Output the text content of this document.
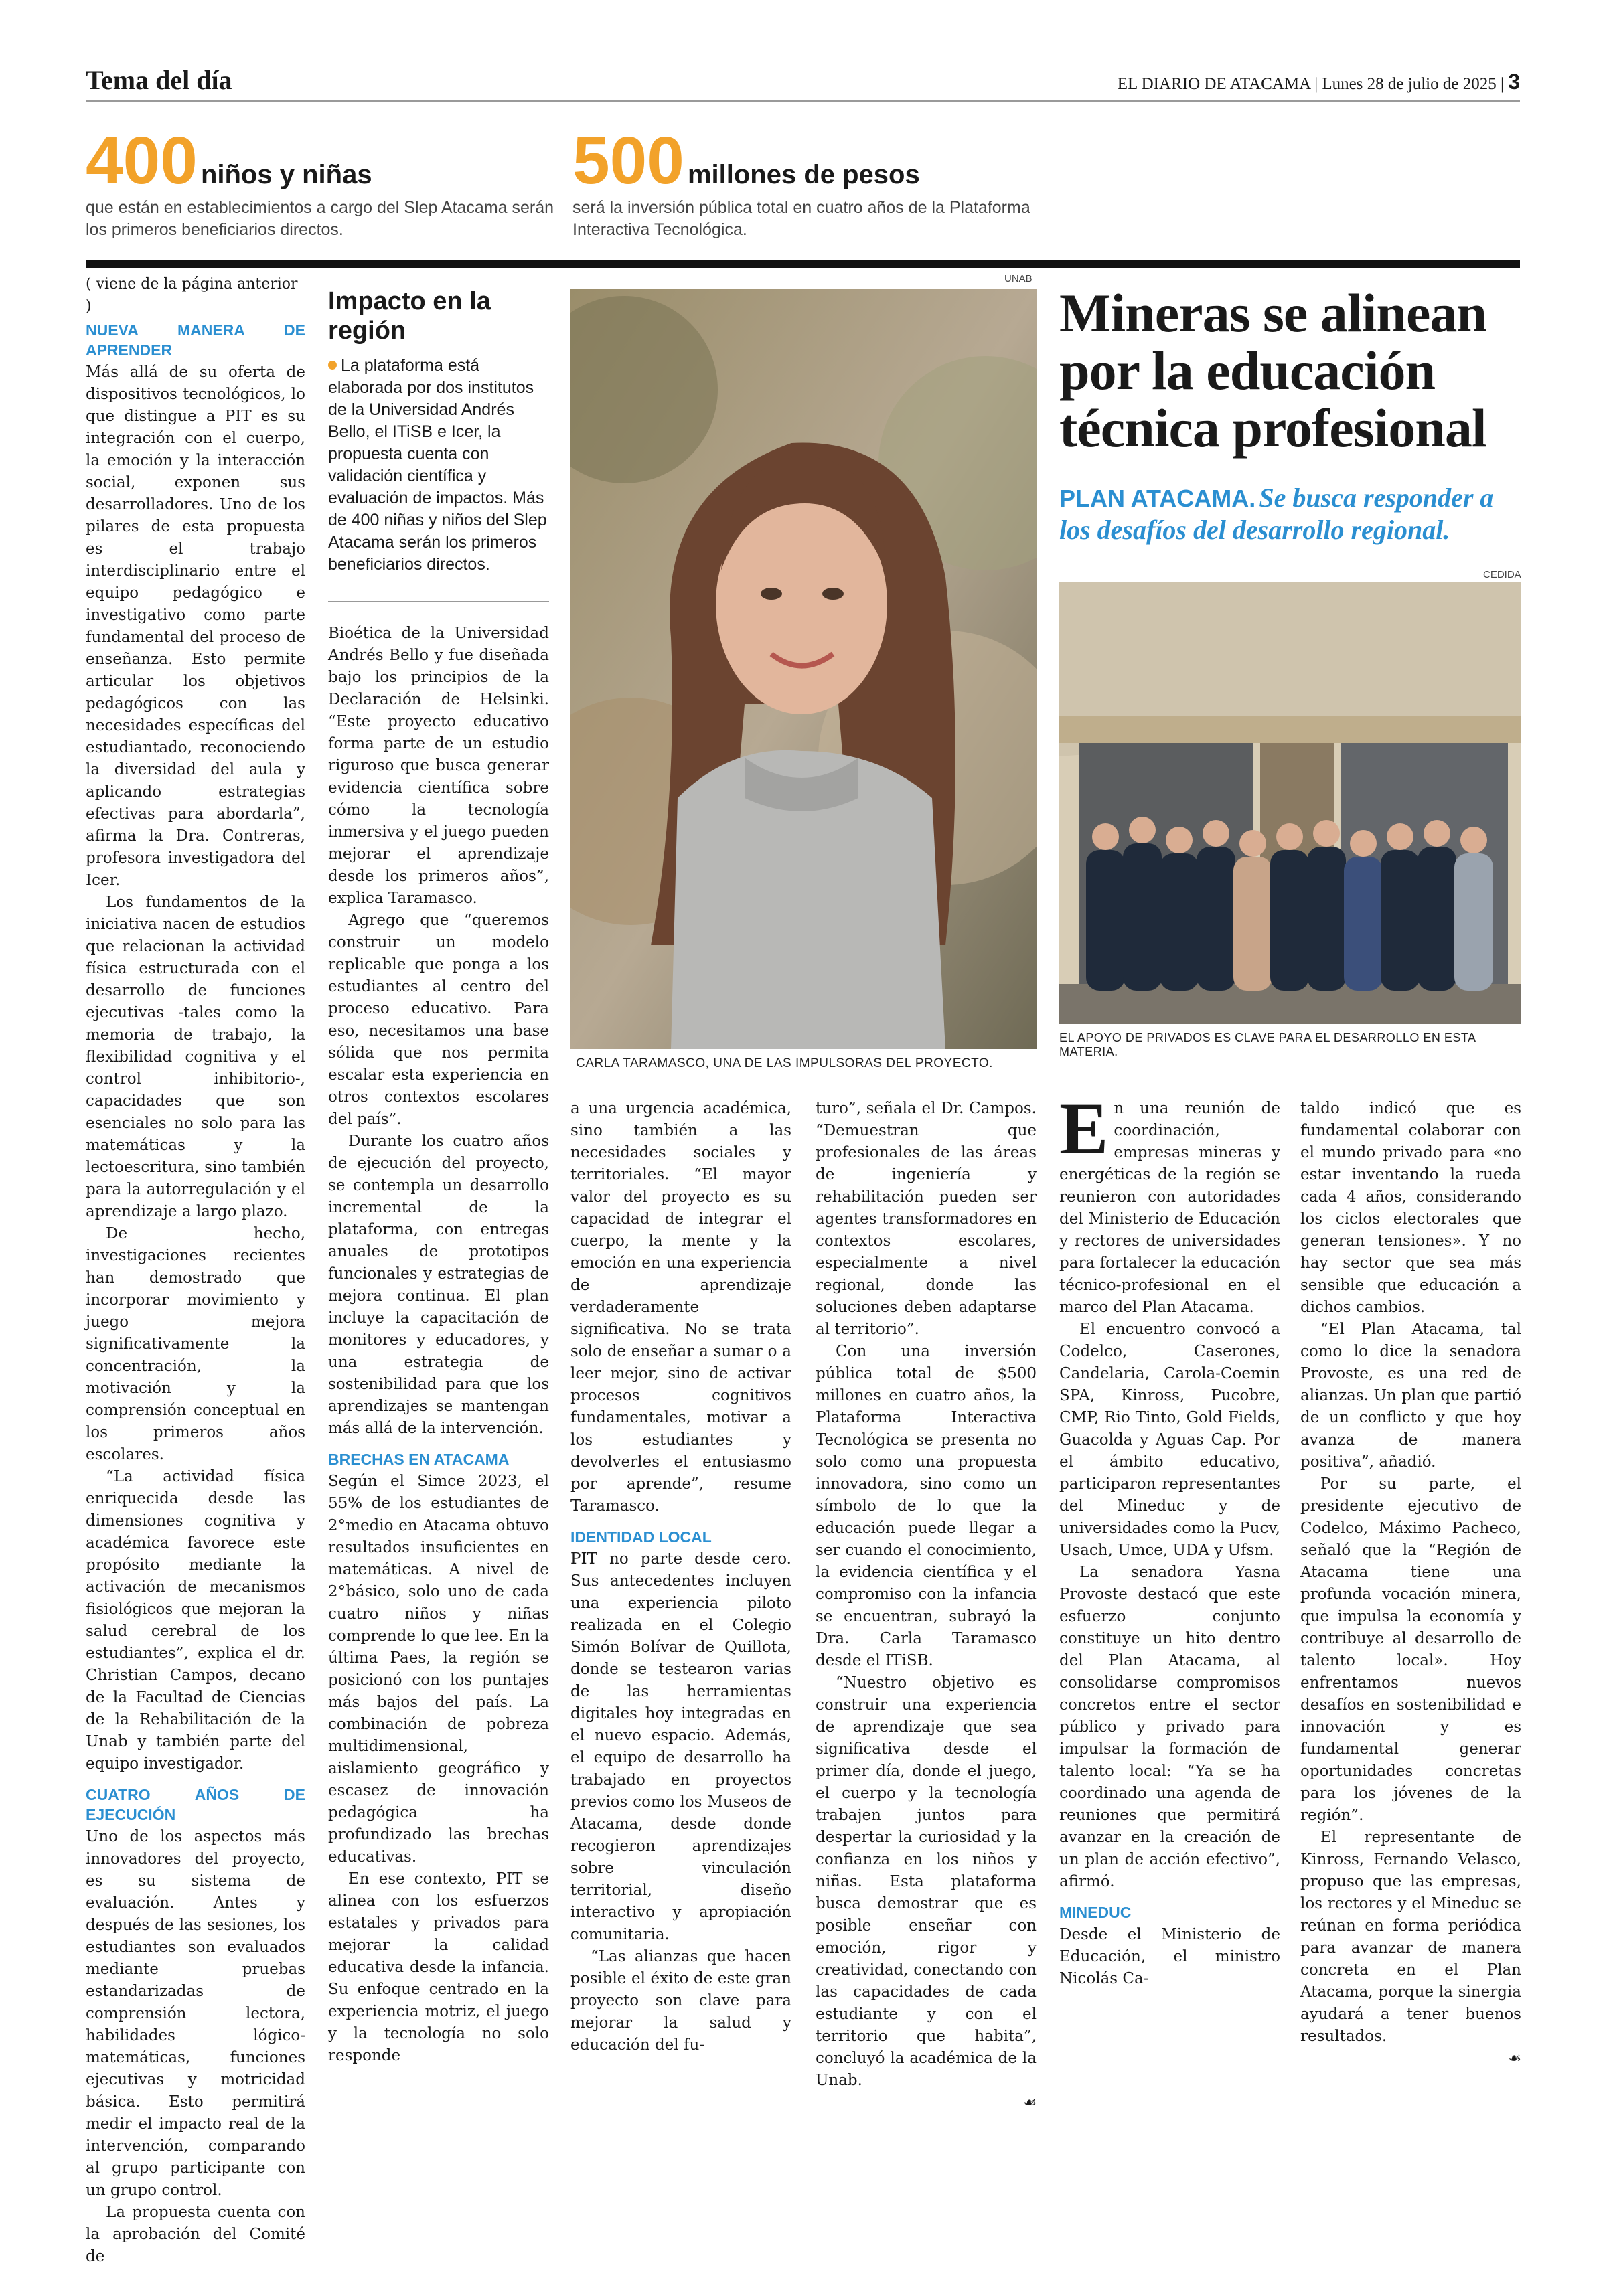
Tema del día	EL DIARIO DE ATACAMA | Lunes 28 de julio de 2025 | 3
400 niños y niñas
que están en establecimientos a cargo del Slep Atacama serán los primeros beneficiarios directos.
500 millones de pesos
será la inversión pública total en cuatro años de la Plataforma Interactiva Tecnológica.
( viene de la página anterior )
NUEVA MANERA DE APRENDER

Más allá de su oferta de dispositivos tecnológicos, lo que distingue a PIT es su integración con el cuerpo, la emoción y la interacción social, exponen sus desarrolladores. Uno de los pilares de esta propuesta es el trabajo interdisciplinario entre el equipo pedagógico e investigativo como parte fundamental del proceso de enseñanza. Esto permite articular los objetivos pedagógicos con las necesidades específicas del estudiantado, reconociendo la diversidad del aula y aplicando estrategias efectivas para abordarla”, afirma la Dra. Contreras, profesora investigadora del Icer.

Los fundamentos de la iniciativa nacen de estudios que relacionan la actividad física estructurada con el desarrollo de funciones ejecutivas -tales como la memoria de trabajo, la flexibilidad cognitiva y el control inhibitorio-, capacidades que son esenciales no solo para las matemáticas y la lectoescritura, sino también para la autorregulación y el aprendizaje a largo plazo.

De hecho, investigaciones recientes han demostrado que incorporar movimiento y juego mejora significativamente la concentración, la motivación y la comprensión conceptual en los primeros años escolares.

“La actividad física enriquecida desde las dimensiones cognitiva y académica favorece este propósito mediante la activación de mecanismos fisiológicos que mejoran la salud cerebral de los estudiantes”, explica el dr. Christian Campos, decano de la Facultad de Ciencias de la Rehabilitación de la Unab y también parte del equipo investigador.

CUATRO AÑOS DE EJECUCIÓN

Uno de los aspectos más innovadores del proyecto, es su sistema de evaluación. Antes y después de las sesiones, los estudiantes son evaluados mediante pruebas estandarizadas de comprensión lectora, habilidades lógico-matemáticas, funciones ejecutivas y motricidad básica. Esto permitirá medir el impacto real de la intervención, comparando al grupo participante con un grupo control.

La propuesta cuenta con la aprobación del Comité de

Impacto en la región
La plataforma está elaborada por dos institutos de la Universidad Andrés Bello, el ITiSB e Icer, la propuesta cuenta con validación científica y evaluación de impactos. Más de 400 niñas y niños del Slep Atacama serán los primeros beneficiarios directos.

Bioética de la Universidad Andrés Bello y fue diseñada bajo los principios de la Declaración de Helsinki. “Este proyecto educativo forma parte de un estudio riguroso que busca generar evidencia científica sobre cómo la tecnología inmersiva y el juego pueden mejorar el aprendizaje desde los primeros años”, explica Taramasco.

Agrego que “queremos construir un modelo replicable que ponga a los estudiantes al centro del proceso educativo. Para eso, necesitamos una base sólida que nos permita escalar esta experiencia en otros contextos escolares del país”.

Durante los cuatro años de ejecución del proyecto, se contempla un desarrollo incremental de la plataforma, con entregas anuales de prototipos funcionales y estrategias de mejora continua. El plan incluye la capacitación de monitores y educadores, y una estrategia de sostenibilidad para que los aprendizajes se mantengan más allá de la intervención.

BRECHAS EN ATACAMA

Según el Simce 2023, el 55% de los estudiantes de 2°medio en Atacama obtuvo resultados insuficientes en matemáticas. A nivel de 2°básico, solo uno de cada cuatro niños y niñas comprende lo que lee. En la última Paes, la región se posicionó con los puntajes más bajos del país. La combinación de pobreza multidimensional, aislamiento geográfico y escasez de innovación pedagógica ha profundizado las brechas educativas.

En ese contexto, PIT se alinea con los esfuerzos estatales y privados para mejorar la calidad educativa desde la infancia. Su enfoque centrado en la experiencia motriz, el juego y la tecnología no solo responde

UNAB
CARLA TARAMASCO, UNA DE LAS IMPULSORAS DEL PROYECTO.

a una urgencia académica, sino también a las necesidades sociales y territoriales. “El mayor valor del proyecto es su capacidad de integrar el cuerpo, la mente y la emoción en una experiencia de aprendizaje verdaderamente significativa. No se trata solo de enseñar a sumar o a leer mejor, sino de activar procesos cognitivos fundamentales, motivar a los estudiantes y devolverles el entusiasmo por aprende”, resume Taramasco.

IDENTIDAD LOCAL

PIT no parte desde cero. Sus antecedentes incluyen una experiencia piloto realizada en el Colegio Simón Bolívar de Quillota, donde se testearon varias de las herramientas digitales hoy integradas en el nuevo espacio. Además, el equipo de desarrollo ha trabajado en proyectos previos como los Museos de Atacama, desde donde recogieron aprendizajes sobre vinculación territorial, diseño interactivo y apropiación comunitaria.

“Las alianzas que hacen posible el éxito de este gran proyecto son clave para mejorar la salud y educación del fu-

turo”, señala el Dr. Campos. “Demuestran que profesionales de las áreas de ingeniería y rehabilitación pueden ser agentes transformadores en contextos escolares, especialmente a nivel regional, donde las soluciones deben adaptarse al territorio”.

Con una inversión pública total de $500 millones en cuatro años, la Plataforma Interactiva Tecnológica se presenta no solo como una propuesta innovadora, sino como un símbolo de lo que la educación puede llegar a ser cuando el conocimiento, la evidencia científica y el compromiso con la infancia se encuentran, subrayó la Dra. Carla Taramasco desde el ITiSB.

“Nuestro objetivo es construir una experiencia de aprendizaje que sea significativa desde el primer día, donde el juego, el cuerpo y la tecnología trabajen juntos para despertar la curiosidad y la confianza en los niños y niñas. Esta plataforma busca demostrar que es posible enseñar con emoción, rigor y creatividad, conectando con las capacidades de cada estudiante y con el territorio que habita”, concluyó la académica de la Unab.

☙
Mineras se alinean por la educación técnica profesional
PLAN ATACAMA. Se busca responder a los desafíos del desarrollo regional.
CEDIDA
EL APOYO DE PRIVADOS ES CLAVE PARA EL DESARROLLO EN ESTA MATERIA.

En una reunión de coordinación, empresas mineras y energéticas de la región se reunieron con autoridades del Ministerio de Educación y rectores de universidades para fortalecer la educación técnico-profesional en el marco del Plan Atacama.

El encuentro convocó a Codelco, Caserones, Candelaria, Carola-Coemin SPA, Kinross, Pucobre, CMP, Rio Tinto, Gold Fields, Guacolda y Aguas Cap. Por el ámbito educativo, participaron representantes del Mineduc y de universidades como la Pucv, Usach, Umce, UDA y Ufsm.

La senadora Yasna Provoste destacó que este esfuerzo conjunto constituye un hito dentro del Plan Atacama, al consolidarse compromisos concretos entre el sector público y privado para impulsar la formación de talento local: “Ya se ha coordinado una agenda de reuniones que permitirá avanzar en la creación de un plan de acción efectivo”, afirmó.

MINEDUC

Desde el Ministerio de Educación, el ministro Nicolás Ca-

taldo indicó que es fundamental colaborar con el mundo privado para «no estar inventando la rueda cada 4 años, considerando los ciclos electorales que generan tensiones». Y no hay sector que sea más sensible que educación a dichos cambios.

“El Plan Atacama, tal como lo dice la senadora Provoste, es una red de alianzas. Un plan que partió de un conflicto y que hoy avanza de manera positiva”, añadió.

Por su parte, el presidente ejecutivo de Codelco, Máximo Pacheco, señaló que la “Región de Atacama tiene una profunda vocación minera, que impulsa la economía y contribuye al desarrollo de talento local». Hoy enfrentamos nuevos desafíos en sostenibilidad e innovación y es fundamental generar oportunidades concretas para los jóvenes de la región”.

El representante de Kinross, Fernando Velasco, propuso que las empresas, los rectores y el Mineduc se reúnan en forma periódica para avanzar de manera concreta en el Plan Atacama, porque la sinergia ayudará a tener buenos resultados.

☙
